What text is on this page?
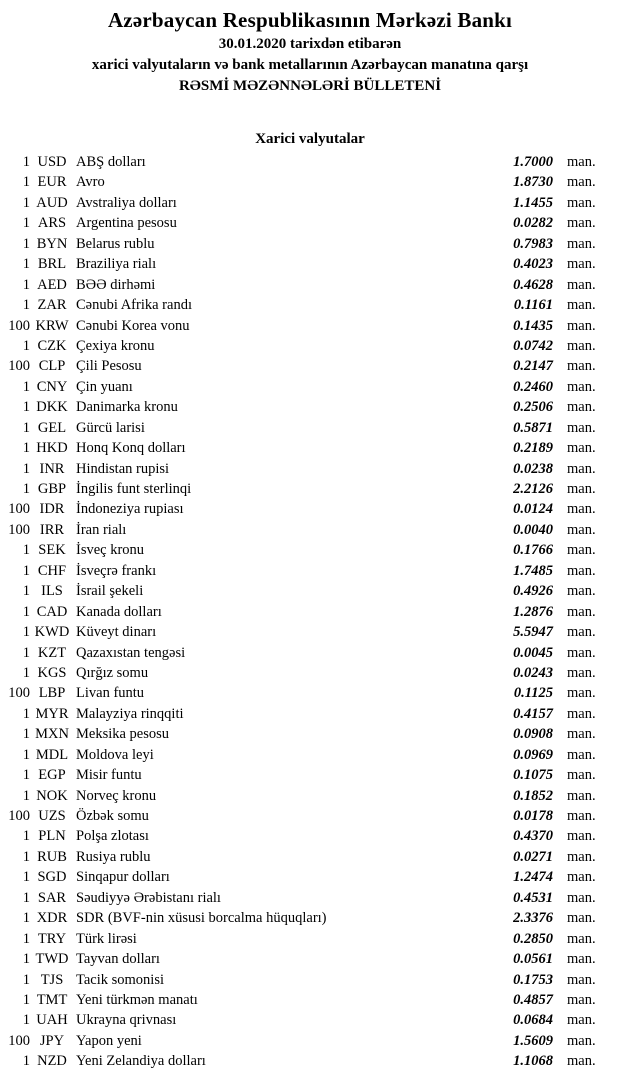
Azərbaycan Respublikasının Mərkəzi Bankı
30.01.2020 tarixdən etibarən
xarici valyutaların və bank metallarının Azərbaycan manatına qarşı
RƏSMİ MƏZƏNNƏLƏRİ BÜLLETENİ
Xarici valyutalar
1 USD ABŞ dolları	1.7000 man.
1 EUR Avro	1.8730 man.
1 AUD Avstraliya dolları	1.1455 man.
1 ARS Argentina pesosu	0.0282 man.
1 BYN Belarus rublu	0.7983 man.
1 BRL Braziliya rialı	0.4023 man.
1 AED BƏƏ dirhəmi	0.4628 man.
1 ZAR Cənubi Afrika randı	0.1161 man.
100 KRW Cənubi Korea vonu	0.1435 man.
1 CZK Çexiya kronu	0.0742 man.
100 CLP Çili Pesosu	0.2147 man.
1 CNY Çin yuanı	0.2460 man.
1 DKK Danimarka kronu	0.2506 man.
1 GEL Gürcü larisi	0.5871 man.
1 HKD Honq Konq dolları	0.2189 man.
1 INR Hindistan rupisi	0.0238 man.
1 GBP İngilis funt sterlinqi	2.2126 man.
100 IDR İndoneziya rupiası	0.0124 man.
100 IRR İran rialı	0.0040 man.
1 SEK İsveç kronu	0.1766 man.
1 CHF İsveçrə frankı	1.7485 man.
1 ILS İsrail şekeli	0.4926 man.
1 CAD Kanada dolları	1.2876 man.
1 KWD Küveyt dinarı	5.5947 man.
1 KZT Qazaxıstan tengəsi	0.0045 man.
1 KGS Qırğız somu	0.0243 man.
100 LBP Livan funtu	0.1125 man.
1 MYR Malayziya rinqqiti	0.4157 man.
1 MXN Meksika pesosu	0.0908 man.
1 MDL Moldova leyi	0.0969 man.
1 EGP Misir funtu	0.1075 man.
1 NOK Norveç kronu	0.1852 man.
100 UZS Özbək somu	0.0178 man.
1 PLN Polşa zlotası	0.4370 man.
1 RUB Rusiya rublu	0.0271 man.
1 SGD Sinqapur dolları	1.2474 man.
1 SAR Səudiyyə Ərəbistanı rialı	0.4531 man.
1 XDR SDR (BVF-nin xüsusi borcalma hüquqları)	2.3376 man.
1 TRY Türk lirəsi	0.2850 man.
1 TWD Tayvan dolları	0.0561 man.
1 TJS Tacik somonisi	0.1753 man.
1 TMT Yeni türkmən manatı	0.4857 man.
1 UAH Ukrayna qrivnası	0.0684 man.
100 JPY Yapon yeni	1.5609 man.
1 NZD Yeni Zelandiya dolları	1.1068 man.
